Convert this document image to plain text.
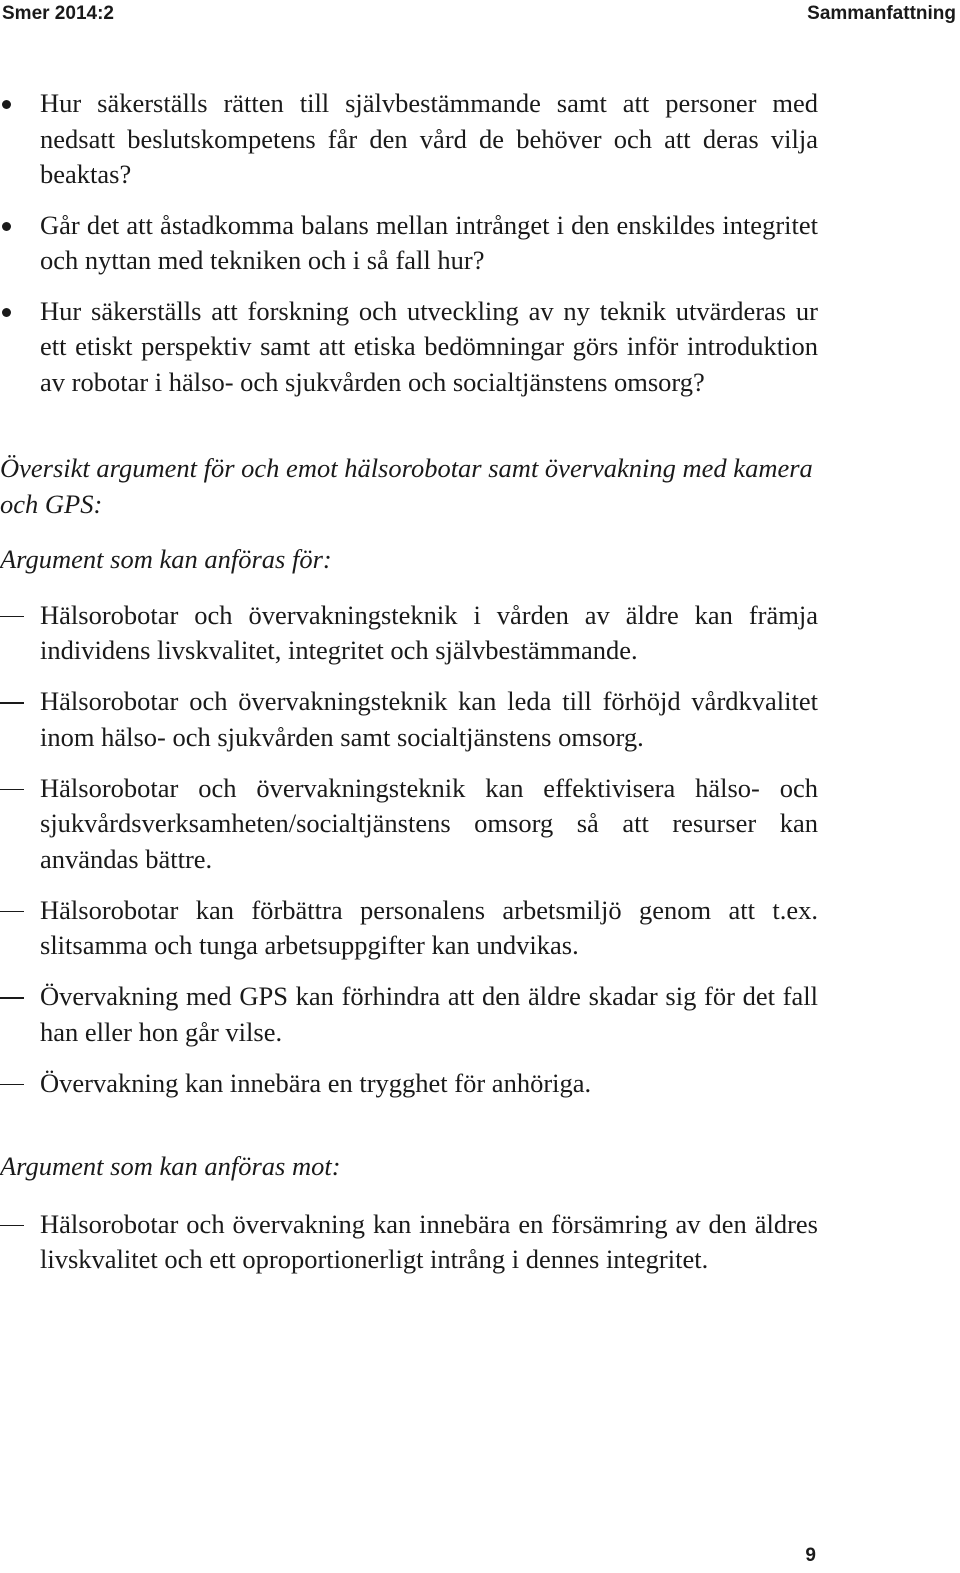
Smer 2014:2	Sammanfattning
Hur säkerställs rätten till självbestämmande samt att personer med nedsatt beslutskompetens får den vård de behöver och att deras vilja beaktas?
Går det att åstadkomma balans mellan intrånget i den enskildes integritet och nyttan med tekniken och i så fall hur?
Hur säkerställs att forskning och utveckling av ny teknik utvärderas ur ett etiskt perspektiv samt att etiska bedömningar görs inför introduktion av robotar i hälso- och sjukvården och socialtjänstens omsorg?

Översikt argument för och emot hälsorobotar samt övervakning med kamera och GPS:

Argument som kan anföras för:

Hälsorobotar och övervakningsteknik i vården av äldre kan främja individens livskvalitet, integritet och självbestämmande.
Hälsorobotar och övervakningsteknik kan leda till förhöjd vårdkvalitet inom hälso- och sjukvården samt socialtjänstens omsorg.
Hälsorobotar och övervakningsteknik kan effektivisera hälso- och sjukvårdsverksamheten/socialtjänstens omsorg så att resurser kan användas bättre.
Hälsorobotar kan förbättra personalens arbetsmiljö genom att t.ex. slitsamma och tunga arbetsuppgifter kan undvikas.
Övervakning med GPS kan förhindra att den äldre skadar sig för det fall han eller hon går vilse.
Övervakning kan innebära en trygghet för anhöriga.

Argument som kan anföras mot:

Hälsorobotar och övervakning kan innebära en försämring av den äldres livskvalitet och ett oproportionerligt intrång i dennes integritet.
9
